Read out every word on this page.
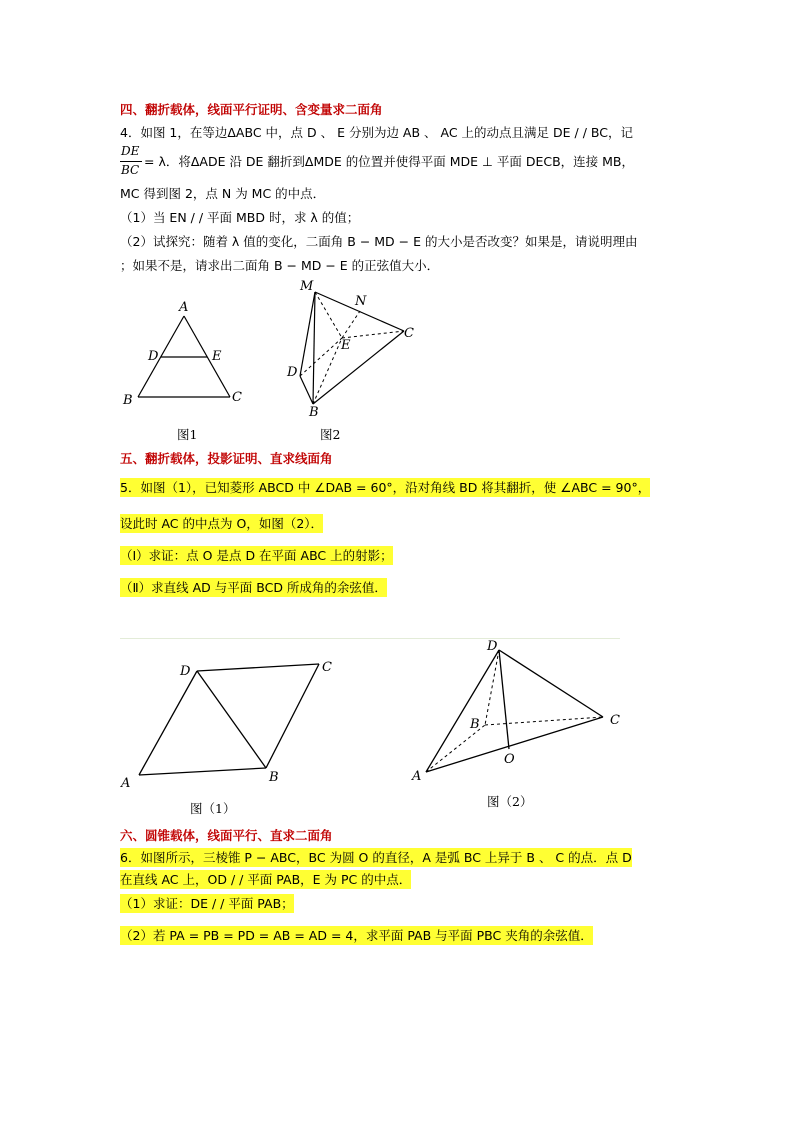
四、翻折载体，线面平行证明、含变量求二面角
4．如图 1，在等边ΔABC 中，点 D 、 E 分别为边 AB 、 AC 上的动点且满足 DE / / BC，记
DE
BC
= λ．将ΔADE 沿 DE 翻折到ΔMDE 的位置并使得平面 MDE ⊥ 平面 DECB，连接 MB，
MC 得到图 2，点 N 为 MC 的中点．
（1）当 EN / / 平面 MBD 时，求 λ 的值；
（2）试探究：随着 λ 值的变化，二面角 B − MD − E 的大小是否改变？如果是，请说明理由
；如果不是，请求出二面角 B − MD − E 的正弦值大小．
A
D	E
B	C
图1
M
N
E
C
D
B
图2
五、翻折载体，投影证明、直求线面角
5．如图（1），已知菱形 ABCD 中 ∠DAB = 60°，沿对角线 BD 将其翻折，使 ∠ABC = 90°，
设此时 AC 的中点为 O，如图（2）．
（Ⅰ）求证：点 O 是点 D 在平面 ABC 上的射影；
（Ⅱ）求直线 AD 与平面 BCD 所成角的余弦值．
D	C
A	B
图（1）
D
B	C
O
A
图（2）
六、圆锥载体，线面平行、直求二面角
6．如图所示，三棱锥 P − ABC，BC 为圆 O 的直径，A 是弧 BC 上异于 B 、 C 的点．点 D
在直线 AC 上，OD / / 平面 PAB，E 为 PC 的中点．
（1）求证：DE / / 平面 PAB；
（2）若 PA = PB = PD = AB = AD = 4，求平面 PAB 与平面 PBC 夹角的余弦值．
